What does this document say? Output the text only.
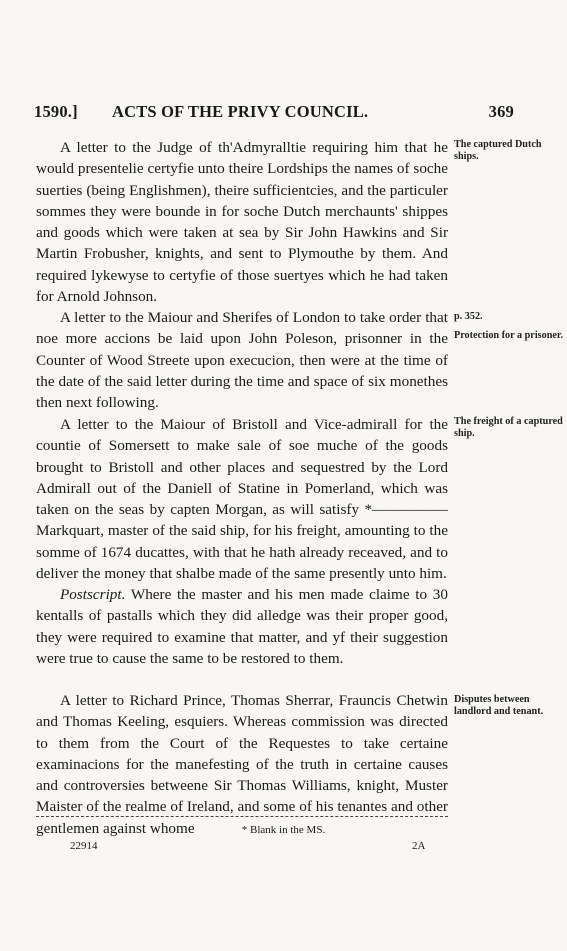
1590.] ACTS OF THE PRIVY COUNCIL.	369

A letter to the Judge of th'Admyralltie requiring him that he would presentelie certyfie unto theire Lordships the names of soche suerties (being Englishmen), theire sufficientcies, and the particuler sommes they were bounde in for soche Dutch merchaunts' shippes and goods which were taken at sea by Sir John Hawkins and Sir Martin Frobusher, knights, and sent to Plymouthe by them. And required lykewyse to certyfie of those suertyes which he had taken for Arnold Johnson.

A letter to the Maiour and Sherifes of London to take order that noe more accions be laid upon John Poleson, prisonner in the Counter of Wood Streete upon execucion, then were at the time of the date of the said letter during the time and space of six monethes then next following.

A letter to the Maiour of Bristoll and Vice-admirall for the countie of Somersett to make sale of soe muche of the goods brought to Bristoll and other places and sequestred by the Lord Admirall out of the Daniell of Statine in Pomerland, which was taken on the seas by capten Morgan, as will satisfy *————— Markquart, master of the said ship, for his freight, amounting to the somme of 1674 ducattes, with that he hath already receaved, and to deliver the money that shalbe made of the same presently unto him.

Postscript. Where the master and his men made claime to 30 kentalls of pastalls which they did alledge was their proper good, they were required to examine that matter, and yf their suggestion were true to cause the same to be restored to them.

A letter to Richard Prince, Thomas Sherrar, Frauncis Chetwin and Thomas Keeling, esquiers. Whereas commission was directed to them from the Court of the Requestes to take certaine examinacions for the manefesting of the truth in certaine causes and controversies betweene Sir Thomas Williams, knight, Muster Maister of the realme of Ireland, and some of his tenantes and other gentlemen against whome

The captured Dutch ships.
p. 352.
Protection for a prisoner.
The freight of a captured ship.
Disputes between landlord and tenant.
* Blank in the MS.
22914	2A
